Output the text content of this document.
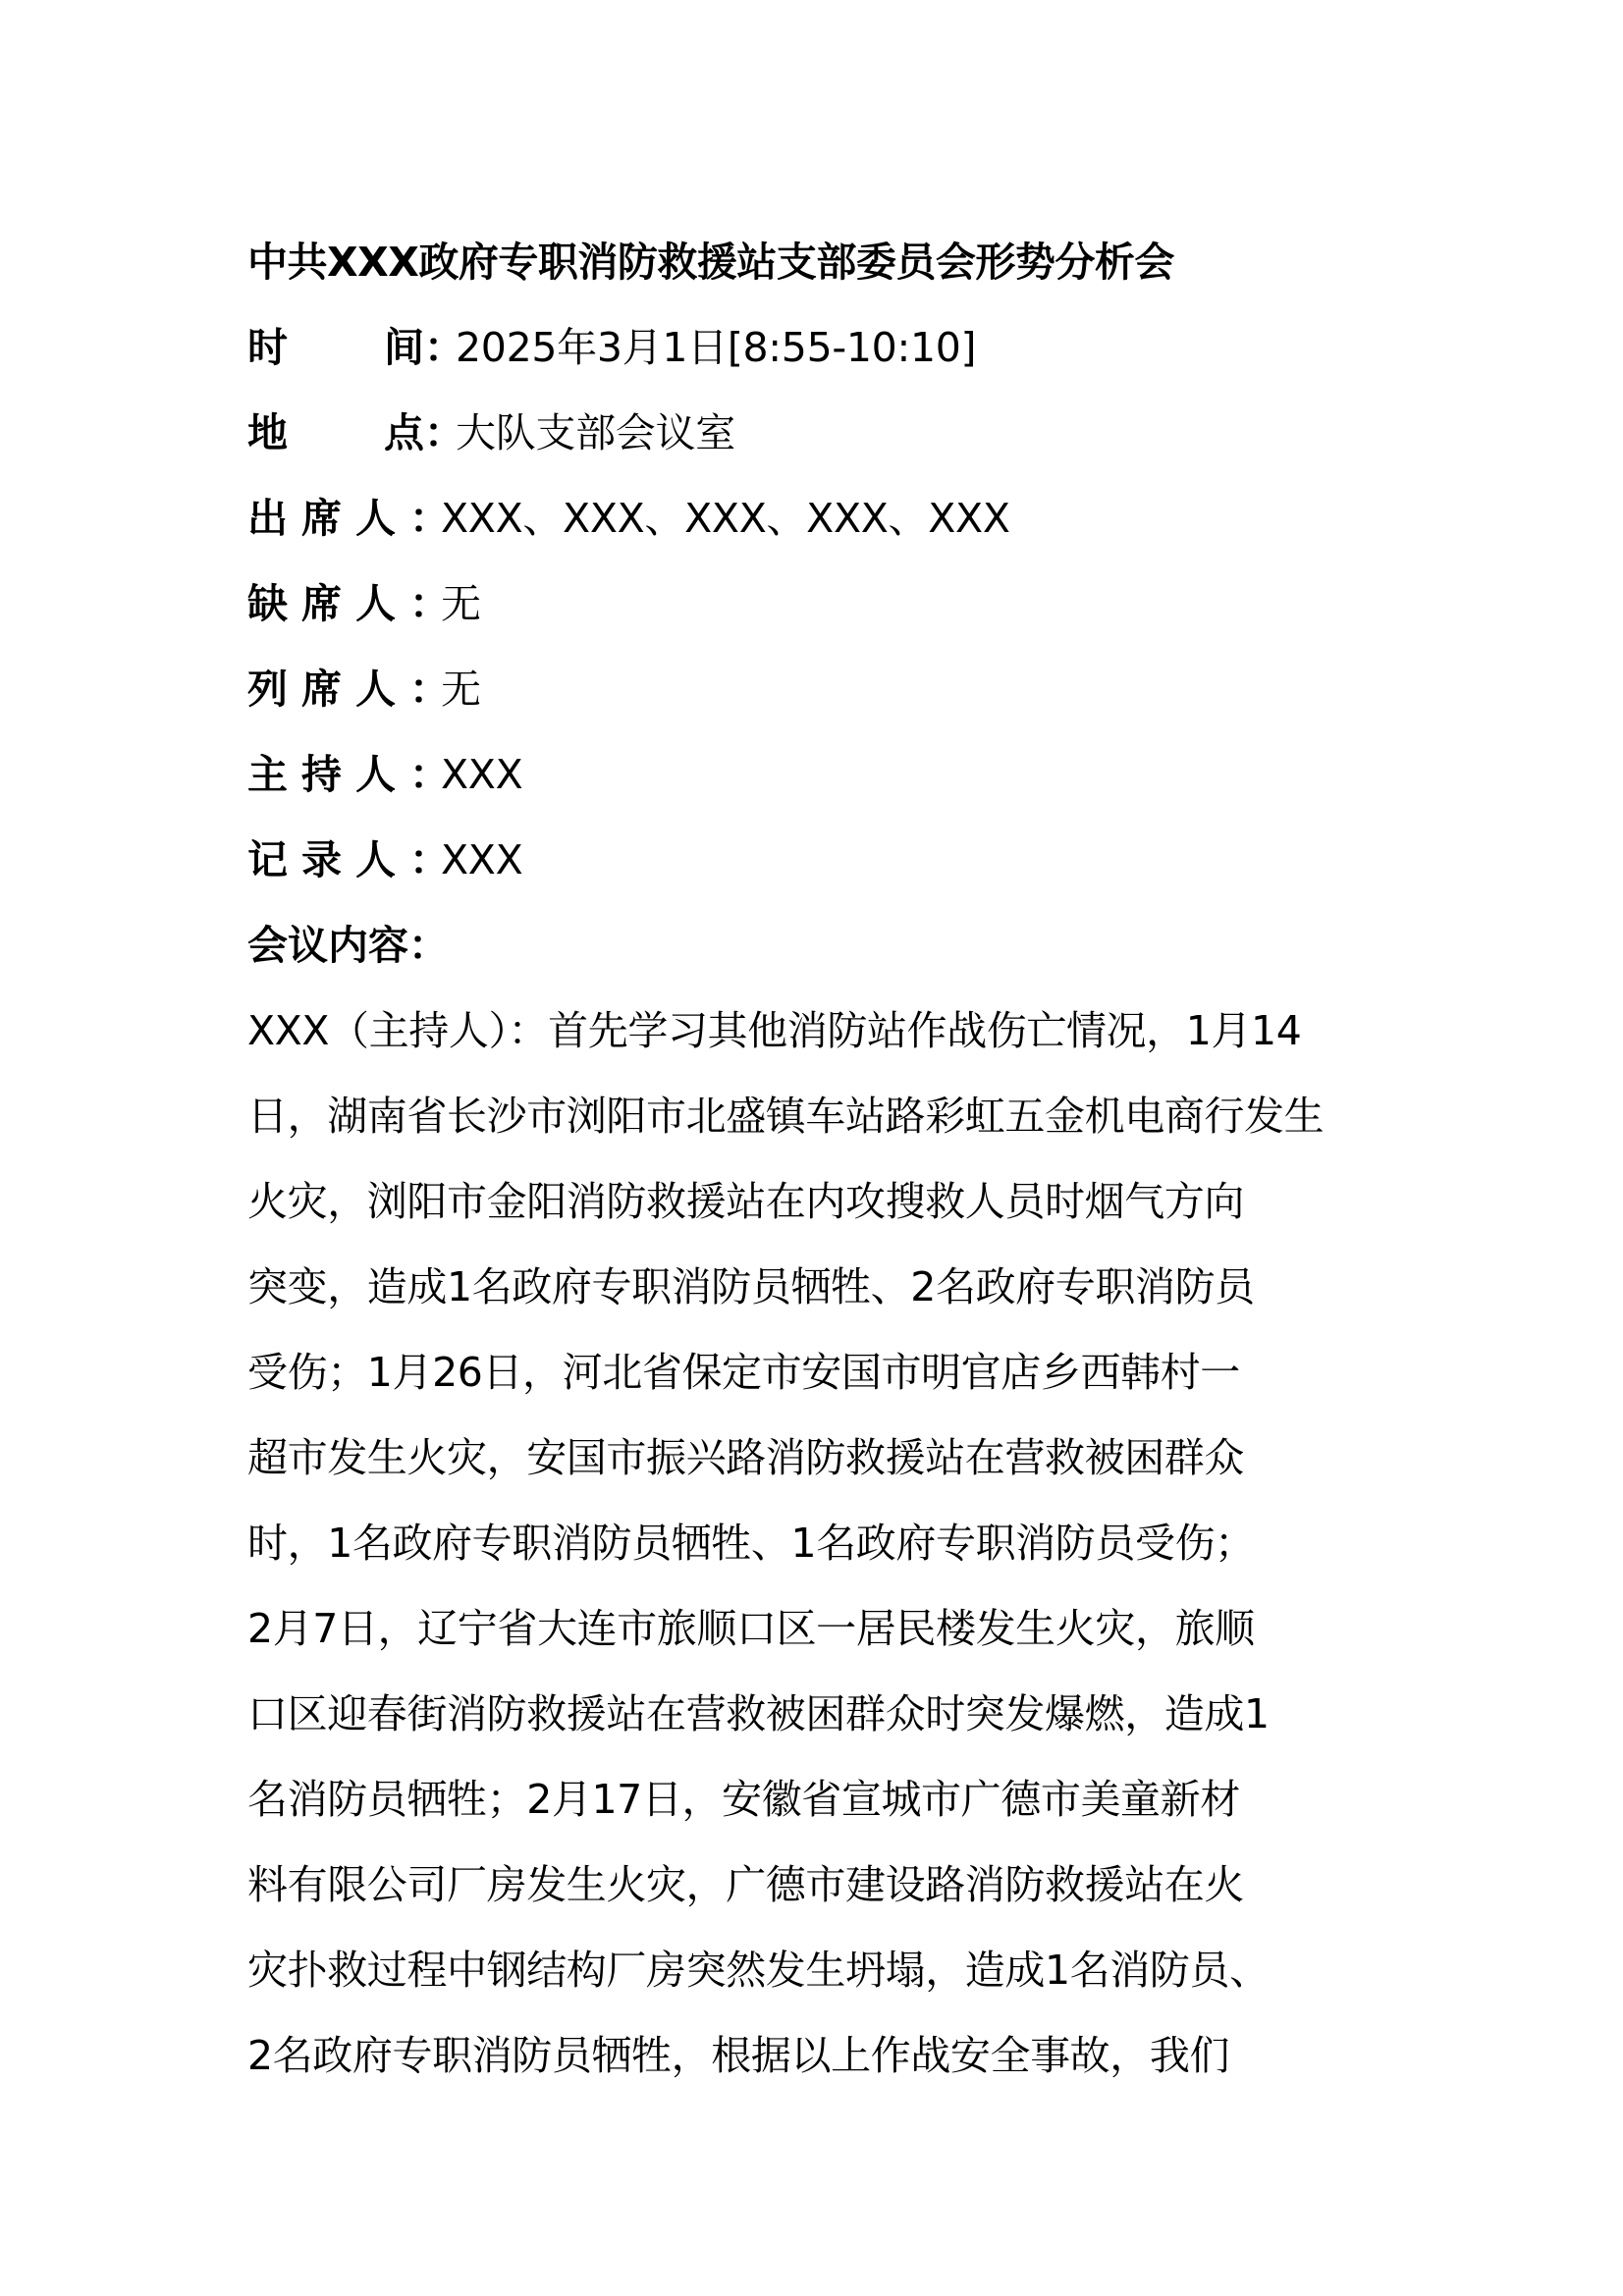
中共XXX政府专职消防救援站支部委员会形势分析会
时 间 ：
2025年3月1日[8:55-10:10]
地 点 ：
大队支部会议室
出席人 ：
XXX、XXX、XXX、XXX、XXX
缺席人 ：
无
列席人 ：
无
主持人 ：
XXX
记录人 ：
XXX
会议内容：
XXX（主持人）：首先学习其他消防站作战伤亡情况，1月14
日，湖南省长沙市浏阳市北盛镇车站路彩虹五金机电商行发生
火灾，浏阳市金阳消防救援站在内攻搜救人员时烟气方向
突变，造成1名政府专职消防员牺牲、2名政府专职消防员
受伤；1月26日，河北省保定市安国市明官店乡西韩村一
超市发生火灾，安国市振兴路消防救援站在营救被困群众
时，1名政府专职消防员牺牲、1名政府专职消防员受伤；
2月7日，辽宁省大连市旅顺口区一居民楼发生火灾，旅顺
口区迎春街消防救援站在营救被困群众时突发爆燃，造成1
名消防员牺牲；2月17日，安徽省宣城市广德市美童新材
料有限公司厂房发生火灾，广德市建设路消防救援站在火
灾扑救过程中钢结构厂房突然发生坍塌，造成1名消防员、
2名政府专职消防员牺牲，根据以上作战安全事故，我们
